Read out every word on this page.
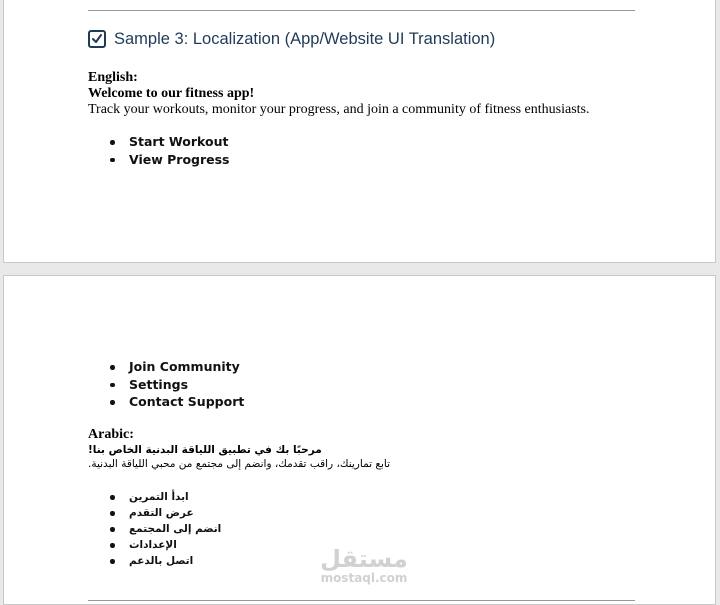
Sample 3: Localization (App/Website UI Translation)
English:
Welcome to our fitness app!
Track your workouts, monitor your progress, and join a community of fitness enthusiasts.
Start Workout
View Progress
Join Community
Settings
Contact Support
Arabic:
مرحبًا بك في تطبيق اللياقة البدنية الخاص بنا!
تابع تمارينك، راقب تقدمك، وانضم إلى مجتمع من محبي اللياقة البدنية.
ابدأ التمرين
عرض التقدم
انضم إلى المجتمع
الإعدادات
اتصل بالدعم	مستقل
mostaql.com
